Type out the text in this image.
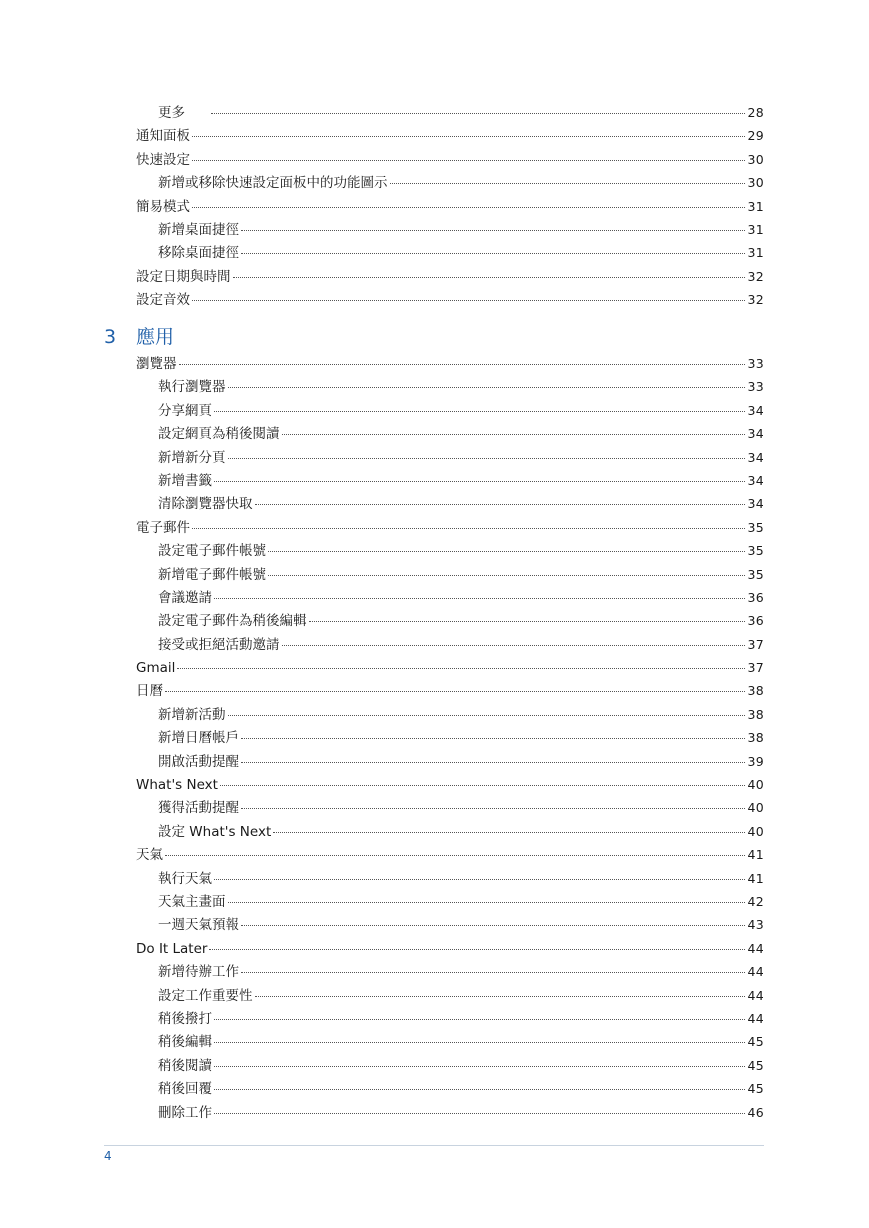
更多	28
通知面板	29
快速設定	30
新增或移除快速設定面板中的功能圖示	30
簡易模式	31
新增桌面捷徑	31
移除桌面捷徑	31
設定日期與時間	32
設定音效	32
3 應用
瀏覽器	33
執行瀏覽器	33
分享網頁	34
設定網頁為稍後閱讀	34
新增新分頁	34
新增書籤	34
清除瀏覽器快取	34
電子郵件	35
設定電子郵件帳號	35
新增電子郵件帳號	35
會議邀請	36
設定電子郵件為稍後編輯	36
接受或拒絕活動邀請	37
Gmail	37
日曆	38
新增新活動	38
新增日曆帳戶	38
開啟活動提醒	39
What's Next	40
獲得活動提醒	40
設定 What's Next	40
天氣	41
執行天氣	41
天氣主畫面	42
一週天氣預報	43
Do It Later	44
新增待辦工作	44
設定工作重要性	44
稍後撥打	44
稍後編輯	45
稍後閱讀	45
稍後回覆	45
刪除工作	46
4
